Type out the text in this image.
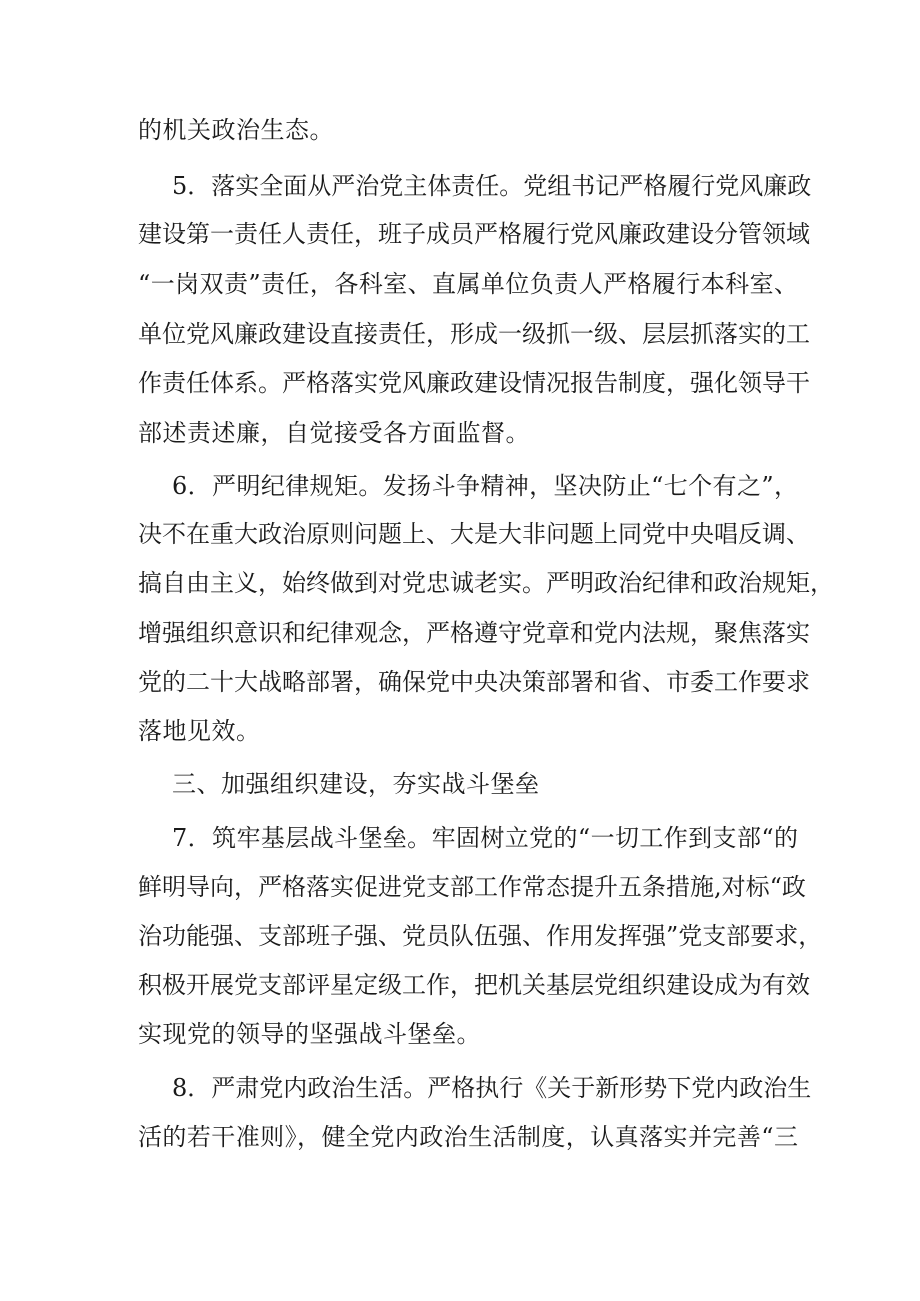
的机关政治生态。
5．落实全面从严治党主体责任。党组书记严格履行党风廉政
建设第一责任人责任，班子成员严格履行党风廉政建设分管领域
“一岗双责”责任，各科室、直属单位负责人严格履行本科室、
单位党风廉政建设直接责任，形成一级抓一级、层层抓落实的工
作责任体系。严格落实党风廉政建设情况报告制度，强化领导干
部述责述廉，自觉接受各方面监督。
6．严明纪律规矩。发扬斗争精神，坚决防止“七个有之”，
决不在重大政治原则问题上、大是大非问题上同党中央唱反调、
搞自由主义，始终做到对党忠诚老实。严明政治纪律和政治规矩，
增强组织意识和纪律观念，严格遵守党章和党内法规，聚焦落实
党的二十大战略部署，确保党中央决策部署和省、市委工作要求
落地见效。
三、加强组织建设，夯实战斗堡垒
7．筑牢基层战斗堡垒。牢固树立党的“一切工作到支部“的
鲜明导向，严格落实促进党支部工作常态提升五条措施,对标“政
治功能强、支部班子强、党员队伍强、作用发挥强”党支部要求，
积极开展党支部评星定级工作，把机关基层党组织建设成为有效
实现党的领导的坚强战斗堡垒。
8．严肃党内政治生活。严格执行《关于新形势下党内政治生
活的若干准则》，健全党内政治生活制度，认真落实并完善“三
